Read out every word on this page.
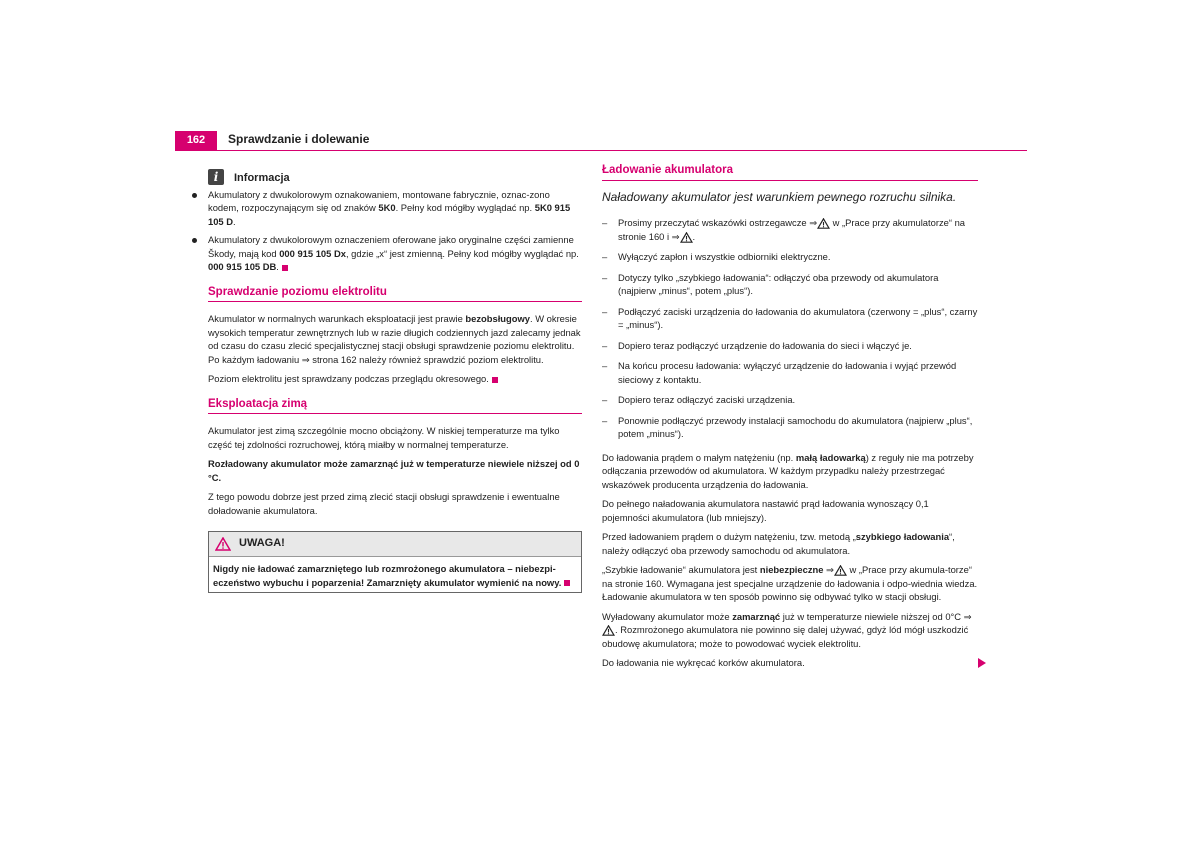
162	Sprawdzanie i dolewanie
i	Informacja

Akumulatory z dwukolorowym oznakowaniem, montowane fabrycznie, oznac-zono kodem, rozpoczynającym się od znaków 5K0. Pełny kod mógłby wyglądać np. 5K0 915 105 D.

Akumulatory z dwukolorowym oznaczeniem oferowane jako oryginalne części zamienne Škody, mają kod 000 915 105 Dx, gdzie „x“ jest zmienną. Pełny kod mógłby wyglądać np. 000 915 105 DB.

Sprawdzanie poziomu elektrolitu

Akumulator w normalnych warunkach eksploatacji jest prawie bezobsługowy. W okresie wysokich temperatur zewnętrznych lub w razie długich codziennych jazd zalecamy jednak od czasu do czasu zlecić specjalistycznej stacji obsługi sprawdzenie poziomu elektrolitu. Po każdym ładowaniu ⇒ strona 162 należy również sprawdzić poziom elektrolitu.

Poziom elektrolitu jest sprawdzany podczas przeglądu okresowego.

Eksploatacja zimą

Akumulator jest zimą szczególnie mocno obciążony. W niskiej temperaturze ma tylko część tej zdolności rozruchowej, którą miałby w normalnej temperaturze.

Rozładowany akumulator może zamarznąć już w temperaturze niewiele niższej od 0 °C.

Z tego powodu dobrze jest przed zimą zlecić stacji obsługi sprawdzenie i ewentualne doładowanie akumulatora.

UWAGA!
Nigdy nie ładować zamarzniętego lub rozmrożonego akumulatora – niebezpi-eczeństwo wybuchu i poparzenia! Zamarznięty akumulator wymienić na nowy.
Ładowanie akumulatora
Naładowany akumulator jest warunkiem pewnego rozruchu silnika.
– Prosimy przeczytać wskazówki ostrzegawcze ⇒ w „Prace przy akumulatorze“ na stronie 160 i ⇒ .
– Wyłączyć zapłon i wszystkie odbiorniki elektryczne.
– Dotyczy tylko „szybkiego ładowania“: odłączyć oba przewody od akumulatora (najpierw „minus“, potem „plus“).
– Podłączyć zaciski urządzenia do ładowania do akumulatora (czerwony = „plus“, czarny = „minus“).
– Dopiero teraz podłączyć urządzenie do ładowania do sieci i włączyć je.
– Na końcu procesu ładowania: wyłączyć urządzenie do ładowania i wyjąć przewód sieciowy z kontaktu.
– Dopiero teraz odłączyć zaciski urządzenia.
– Ponownie podłączyć przewody instalacji samochodu do akumulatora (najpierw „plus“, potem „minus“).

Do ładowania prądem o małym natężeniu (np. małą ładowarką) z reguły nie ma potrzeby odłączania przewodów od akumulatora. W każdym przypadku należy przestrzegać wskazówek producenta urządzenia do ładowania.

Do pełnego naładowania akumulatora nastawić prąd ładowania wynoszący 0,1 pojemności akumulatora (lub mniejszy).

Przed ładowaniem prądem o dużym natężeniu, tzw. metodą „szybkiego ładowania“, należy odłączyć oba przewody samochodu od akumulatora.

„Szybkie ładowanie“ akumulatora jest niebezpieczne ⇒ w „Prace przy akumula-torze“ na stronie 160. Wymagana jest specjalne urządzenie do ładowania i odpo-wiednia wiedza. Ładowanie akumulatora w ten sposób powinno się odbywać tylko w stacji obsługi.

Wyładowany akumulator może zamarznąć już w temperaturze niewiele niższej od 0°C ⇒. Rozmrożonego akumulatora nie powinno się dalej używać, gdyż lód mógł uszkodzić obudowę akumulatora; może to powodować wyciek elektrolitu.

Do ładowania nie wykręcać korków akumulatora.
